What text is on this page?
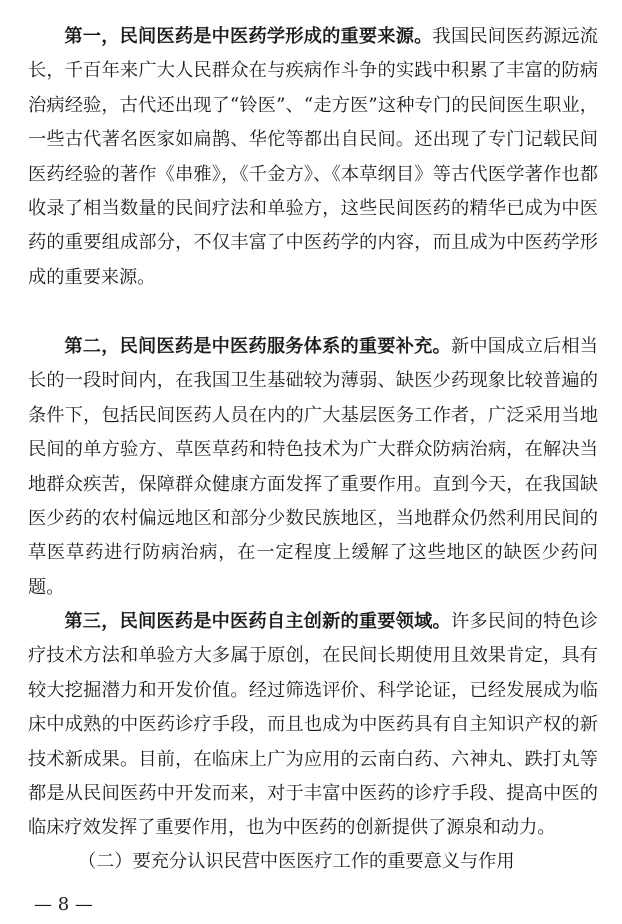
第一，民间医药是中医药学形成的重要来源。我国民间医药源远流长，千百年来广大人民群众在与疾病作斗争的实践中积累了丰富的防病治病经验，古代还出现了“铃医”、“走方医”这种专门的民间医生职业，一些古代著名医家如扁鹊、华佗等都出自民间。还出现了专门记载民间医药经验的著作《串雅》，《千金方》、《本草纲目》等古代医学著作也都收录了相当数量的民间疗法和单验方，这些民间医药的精华已成为中医药的重要组成部分，不仅丰富了中医药学的内容，而且成为中医药学形成的重要来源。

第二，民间医药是中医药服务体系的重要补充。新中国成立后相当长的一段时间内，在我国卫生基础较为薄弱、缺医少药现象比较普遍的条件下，包括民间医药人员在内的广大基层医务工作者，广泛采用当地民间的单方验方、草医草药和特色技术为广大群众防病治病，在解决当地群众疾苦，保障群众健康方面发挥了重要作用。直到今天，在我国缺医少药的农村偏远地区和部分少数民族地区，当地群众仍然利用民间的草医草药进行防病治病，在一定程度上缓解了这些地区的缺医少药问题。

第三，民间医药是中医药自主创新的重要领域。许多民间的特色诊疗技术方法和单验方大多属于原创，在民间长期使用且效果肯定，具有较大挖掘潜力和开发价值。经过筛选评价、科学论证，已经发展成为临床中成熟的中医药诊疗手段，而且也成为中医药具有自主知识产权的新技术新成果。目前，在临床上广为应用的云南白药、六神丸、跌打丸等都是从民间医药中开发而来，对于丰富中医药的诊疗手段、提高中医的临床疗效发挥了重要作用，也为中医药的创新提供了源泉和动力。

（二）要充分认识民营中医医疗工作的重要意义与作用
— 8 —
